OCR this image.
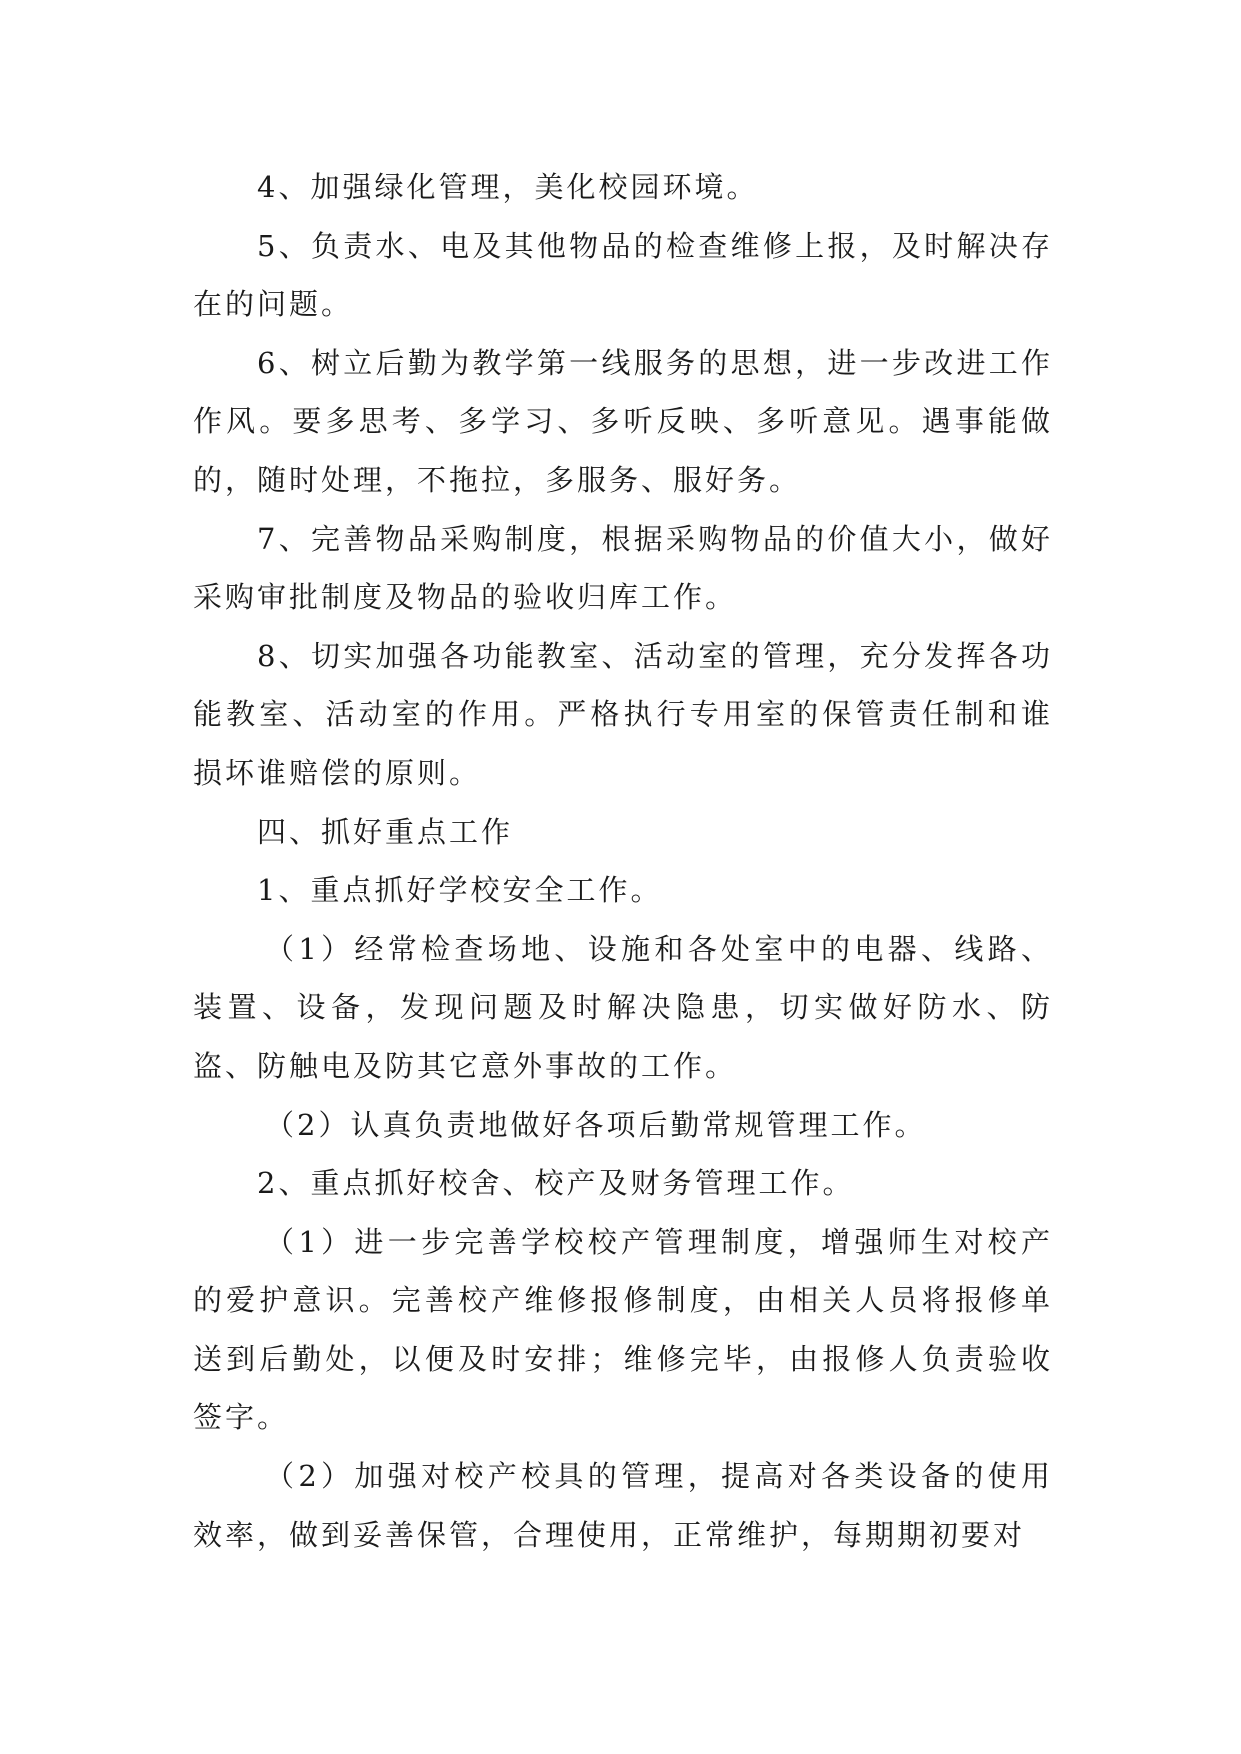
4、加强绿化管理，美化校园环境。

5、负责水、电及其他物品的检查维修上报，及时解决存在的问题。

6、树立后勤为教学第一线服务的思想，进一步改进工作作风。要多思考、多学习、多听反映、多听意见。遇事能做的，随时处理，不拖拉，多服务、服好务。

7、完善物品采购制度，根据采购物品的价值大小，做好采购审批制度及物品的验收归库工作。

8、切实加强各功能教室、活动室的管理，充分发挥各功能教室、活动室的作用。严格执行专用室的保管责任制和谁损坏谁赔偿的原则。

四、抓好重点工作

1、重点抓好学校安全工作。

（1）经常检查场地、设施和各处室中的电器、线路、装置、设备，发现问题及时解决隐患，切实做好防水、防盗、防触电及防其它意外事故的工作。

（2）认真负责地做好各项后勤常规管理工作。

2、重点抓好校舍、校产及财务管理工作。

（1）进一步完善学校校产管理制度，增强师生对校产的爱护意识。完善校产维修报修制度，由相关人员将报修单送到后勤处，以便及时安排；维修完毕，由报修人负责验收签字。

（2）加强对校产校具的管理，提高对各类设备的使用效率，做到妥善保管，合理使用，正常维护，每期期初要对
